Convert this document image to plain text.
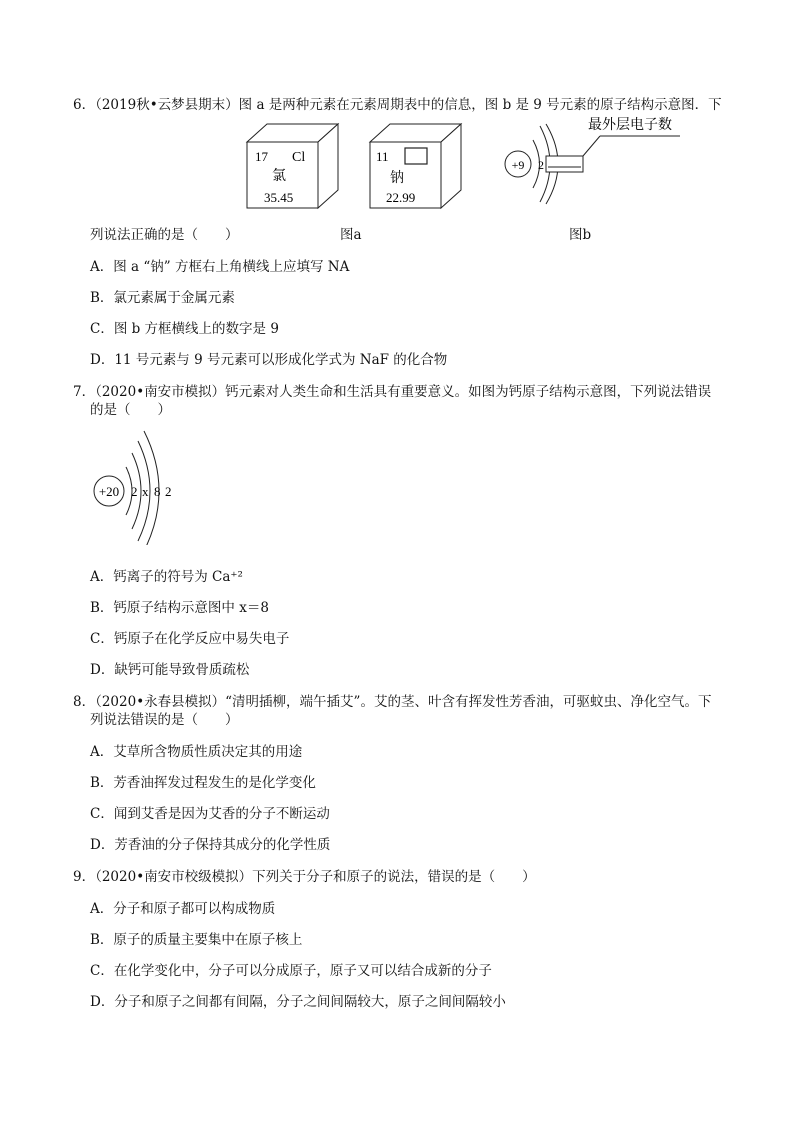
6．（2019秋•云梦县期末）图 a 是两种元素在元素周期表中的信息，图 b 是 9 号元素的原子结构示意图．下
17 Cl
氯
35.45
11
钠
22.99
+9 2
最外层电子数
列说法正确的是（　　）	图a	图b
A．图 a “钠” 方框右上角横线上应填写 NA
B．氯元素属于金属元素
C．图 b 方框横线上的数字是 9
D．11 号元素与 9 号元素可以形成化学式为 NaF 的化合物
7．（2020•南安市模拟）钙元素对人类生命和生活具有重要意义。如图为钙原子结构示意图，下列说法错误
的是（　　）
+20 2 x 8 2
A．钙离子的符号为 Ca⁺²
B．钙原子结构示意图中 x＝8
C．钙原子在化学反应中易失电子
D．缺钙可能导致骨质疏松
8．（2020•永春县模拟）“清明插柳，端午插艾”。艾的茎、叶含有挥发性芳香油，可驱蚊虫、净化空气。下
列说法错误的是（　　）
A．艾草所含物质性质决定其的用途
B．芳香油挥发过程发生的是化学变化
C．闻到艾香是因为艾香的分子不断运动
D．芳香油的分子保持其成分的化学性质
9．（2020•南安市校级模拟）下列关于分子和原子的说法，错误的是（　　）
A．分子和原子都可以构成物质
B．原子的质量主要集中在原子核上
C．在化学变化中，分子可以分成原子，原子又可以结合成新的分子
D．分子和原子之间都有间隔，分子之间间隔较大，原子之间间隔较小
